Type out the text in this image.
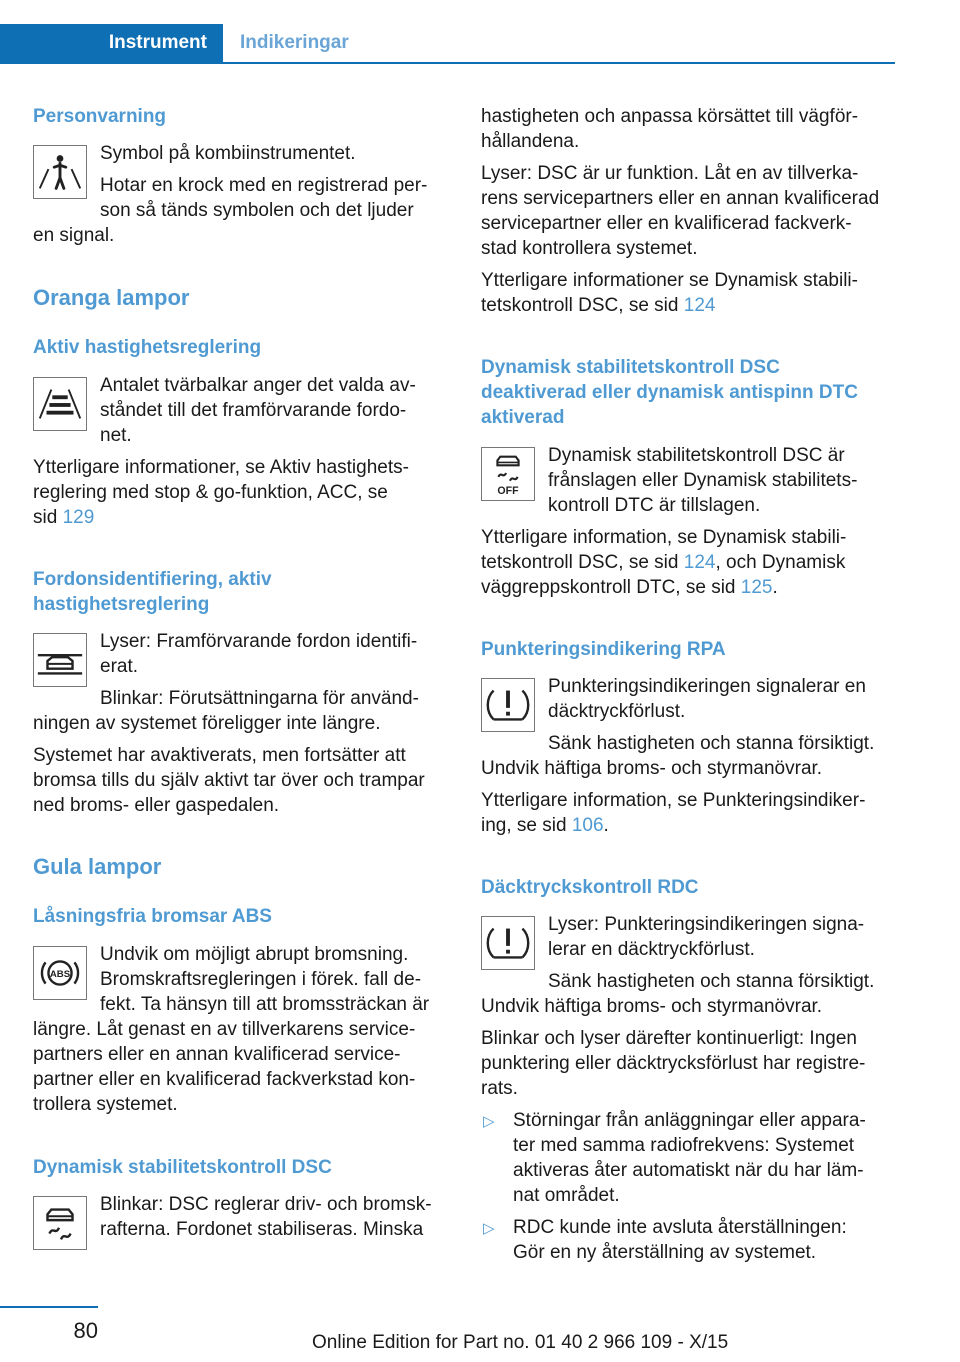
Instrument Indikeringar
Personvarning
Symbol på kombiinstrumentet.
Hotar en krock med en registrerad per-
son så tänds symbolen och det ljuder
en signal.
Oranga lampor
Aktiv hastighetsreglering
Antalet tvärbalkar anger det valda av-
ståndet till det framförvarande fordo-
net.
Ytterligare informationer, se Aktiv hastighets-
reglering med stop & go-funktion, ACC, se
sid 129
Fordonsidentifiering, aktiv
hastighetsreglering
Lyser: Framförvarande fordon identifi-
erat.
Blinkar: Förutsättningarna för använd-
ningen av systemet föreligger inte längre.
Systemet har avaktiverats, men fortsätter att
bromsa tills du själv aktivt tar över och trampar
ned broms- eller gaspedalen.
Gula lampor
Låsningsfria bromsar ABS
ABS
Undvik om möjligt abrupt bromsning.
Bromskraftsregleringen i förek. fall de-
fekt. Ta hänsyn till att bromssträckan är
längre. Låt genast en av tillverkarens service-
partners eller en annan kvalificerad service-
partner eller en kvalificerad fackverkstad kon-
trollera systemet.
Dynamisk stabilitetskontroll DSC
Blinkar: DSC reglerar driv- och bromsk-
rafterna. Fordonet stabiliseras. Minska
hastigheten och anpassa körsättet till vägför-
hållandena.
Lyser: DSC är ur funktion. Låt en av tillverka-
rens servicepartners eller en annan kvalificerad
servicepartner eller en kvalificerad fackverk-
stad kontrollera systemet.
Ytterligare informationer se Dynamisk stabili-
tetskontroll DSC, se sid 124
Dynamisk stabilitetskontroll DSC
deaktiverad eller dynamisk antispinn DTC
aktiverad
OFF
Dynamisk stabilitetskontroll DSC är
frånslagen eller Dynamisk stabilitets-
kontroll DTC är tillslagen.
Ytterligare information, se Dynamisk stabili-
tetskontroll DSC, se sid 124, och Dynamisk
väggreppskontroll DTC, se sid 125.
Punkteringsindikering RPA
Punkteringsindikeringen signalerar en
däcktryckförlust.
Sänk hastigheten och stanna försiktigt.
Undvik häftiga broms- och styrmanövrar.
Ytterligare information, se Punkteringsindiker-
ing, se sid 106.
Däcktryckskontroll RDC
Lyser: Punkteringsindikeringen signa-
lerar en däcktryckförlust.
Sänk hastigheten och stanna försiktigt.
Undvik häftiga broms- och styrmanövrar.
Blinkar och lyser därefter kontinuerligt: Ingen
punktering eller däcktrycksförlust har registre-
rats.
▷ Störningar från anläggningar eller appara-
ter med samma radiofrekvens: Systemet
aktiveras åter automatiskt när du har läm-
nat området.
▷ RDC kunde inte avsluta återställningen:
Gör en ny återställning av systemet.
80	Online Edition for Part no. 01 40 2 966 109 - X/15
